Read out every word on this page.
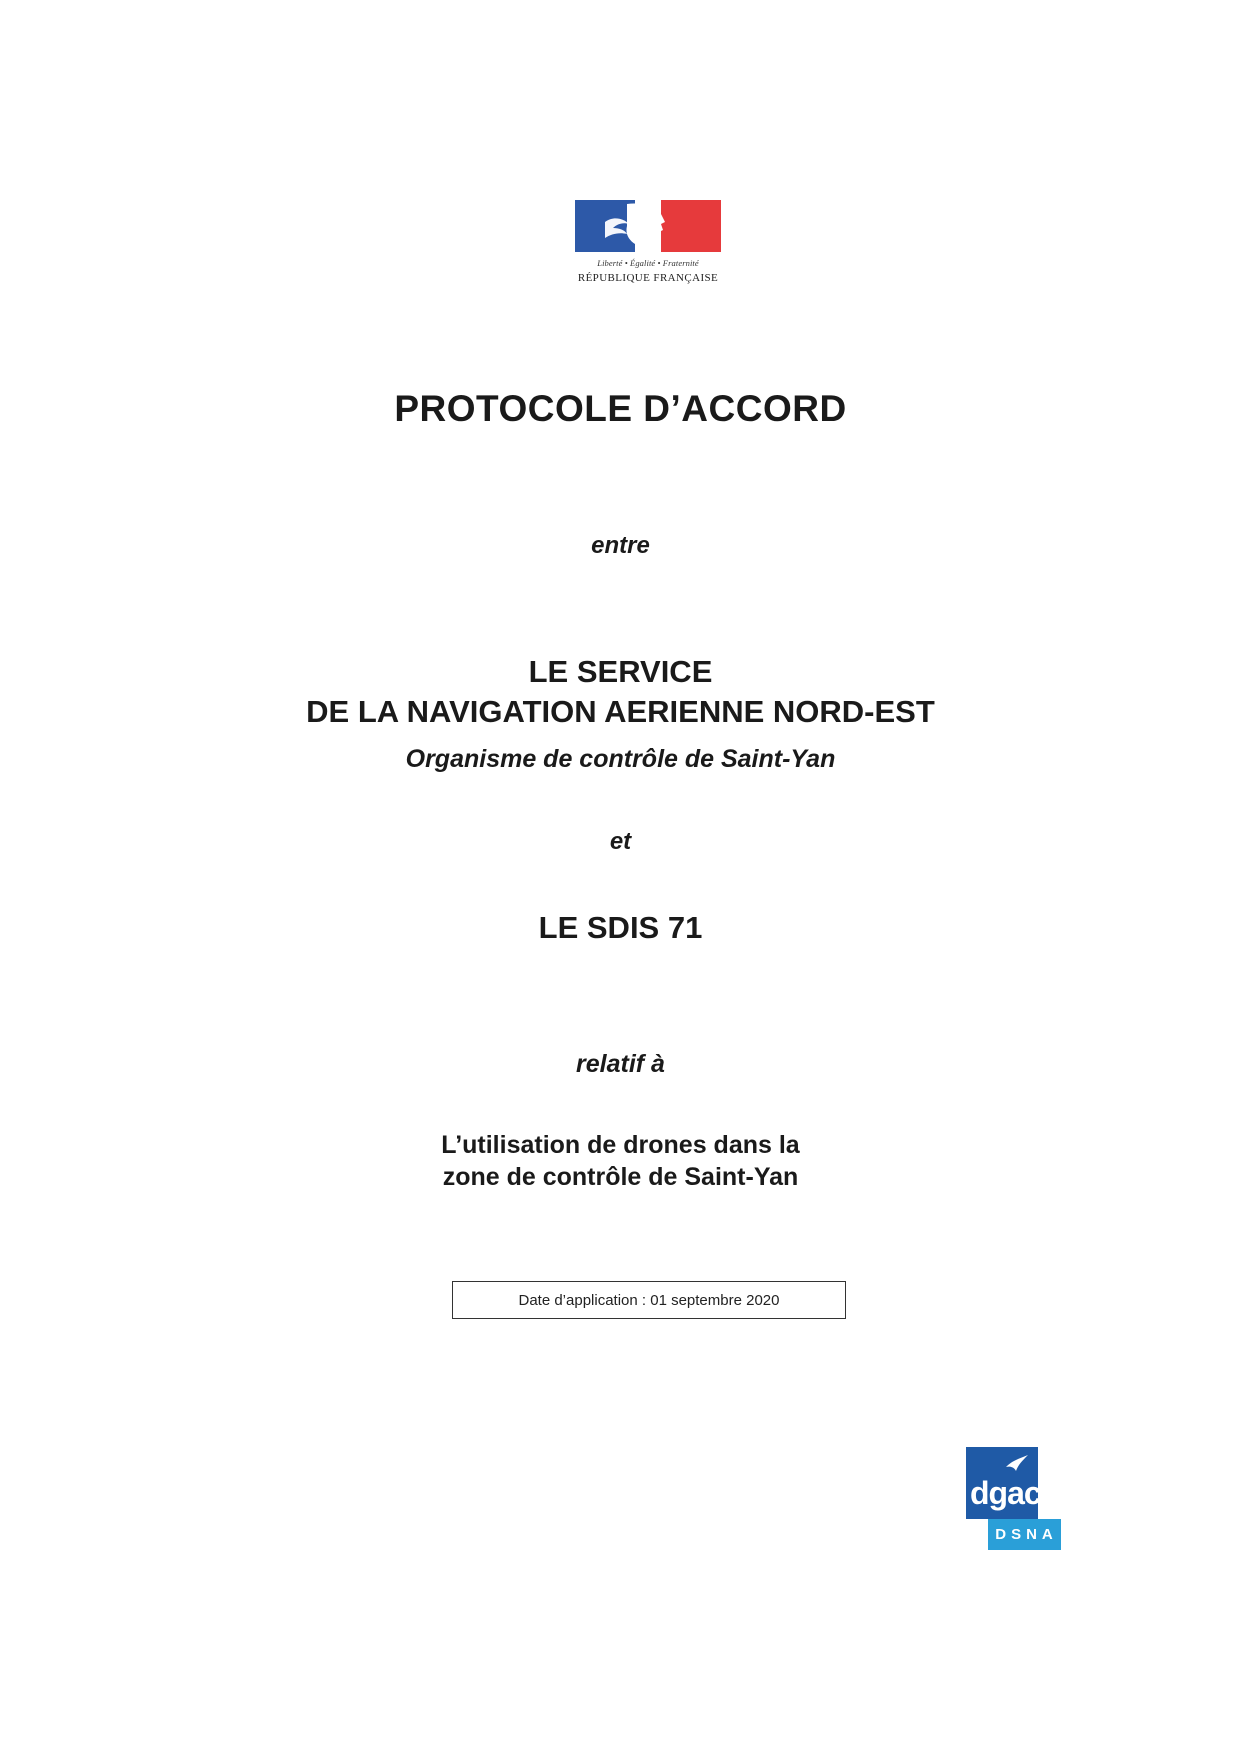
Liberté • Égalité • Fraternité
RÉPUBLIQUE FRANÇAISE
PROTOCOLE D’ACCORD
entre
LE SERVICE
DE LA NAVIGATION AERIENNE NORD-EST
Organisme de contrôle de Saint-Yan
et
LE SDIS 71
relatif à
L’utilisation de drones dans la
zone de contrôle de Saint-Yan
Date d’application : 01 septembre 2020
dgac
DSNA
